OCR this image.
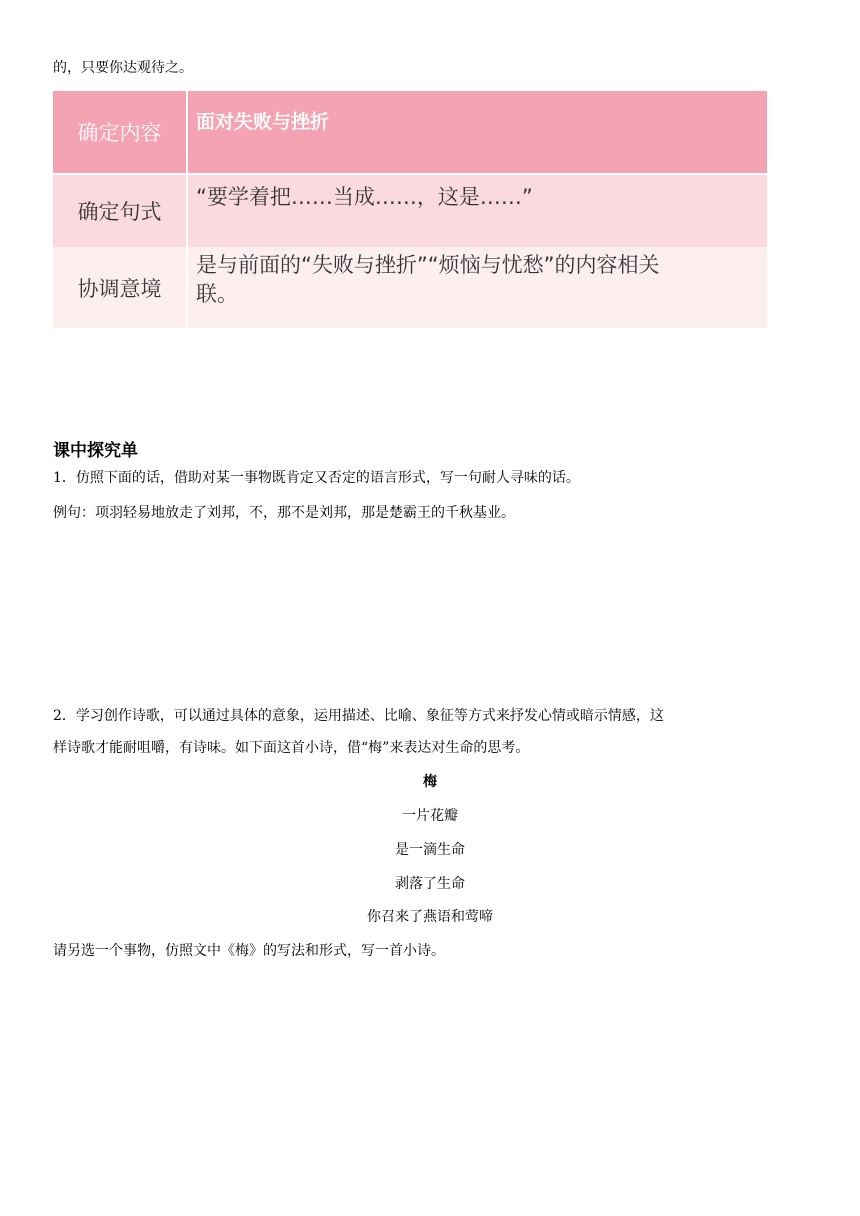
的，只要你达观待之。
确定内容	面对失败与挫折
确定句式
“要学着把……当成……，这是……”
协调意境
是与前面的“失败与挫折”“烦恼与忧愁”的内容相关
联。
课中探究单
1．仿照下面的话，借助对某一事物既肯定又否定的语言形式，写一句耐人寻味的话。
例句：项羽轻易地放走了刘邦，不，那不是刘邦，那是楚霸王的千秋基业。
2．学习创作诗歌，可以通过具体的意象，运用描述、比喻、象征等方式来抒发心情或暗示情感，这
样诗歌才能耐咀嚼，有诗味。如下面这首小诗，借“梅”来表达对生命的思考。
梅
一片花瓣
是一滴生命
剥落了生命
你召来了燕语和莺啼
请另选一个事物，仿照文中《梅》的写法和形式，写一首小诗。
